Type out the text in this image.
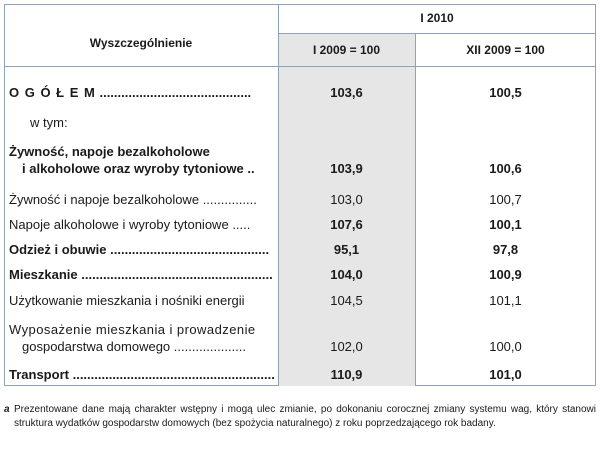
Wyszczególnienie
I 2010
I 2009 = 100	XII 2009 = 100
O G Ó Ł E M ..........................................	103,6	100,5
w tym:
Żywność, napoje bezalkoholowe
i alkoholowe oraz wyroby tytoniowe ..	103,9	100,6
Żywność i napoje bezalkoholowe ...............	103,0	100,7
Napoje alkoholowe i wyroby tytoniowe .....	107,6	100,1
Odzież i obuwie ............................................	95,1	97,8
Mieszkanie .....................................................	104,0	100,9
Użytkowanie mieszkania i nośniki energii	104,5	101,1
Wyposażenie mieszkania i prowadzenie
gospodarstwa domowego ....................	102,0	100,0
Transport ........................................................	110,9	101,0
a Prezentowane dane mają charakter wstępny i mogą ulec zmianie, po dokonaniu corocznej zmiany systemu wag, który stanowi struktura wydatków gospodarstw domowych (bez spożycia naturalnego) z roku poprzedzającego rok badany.
